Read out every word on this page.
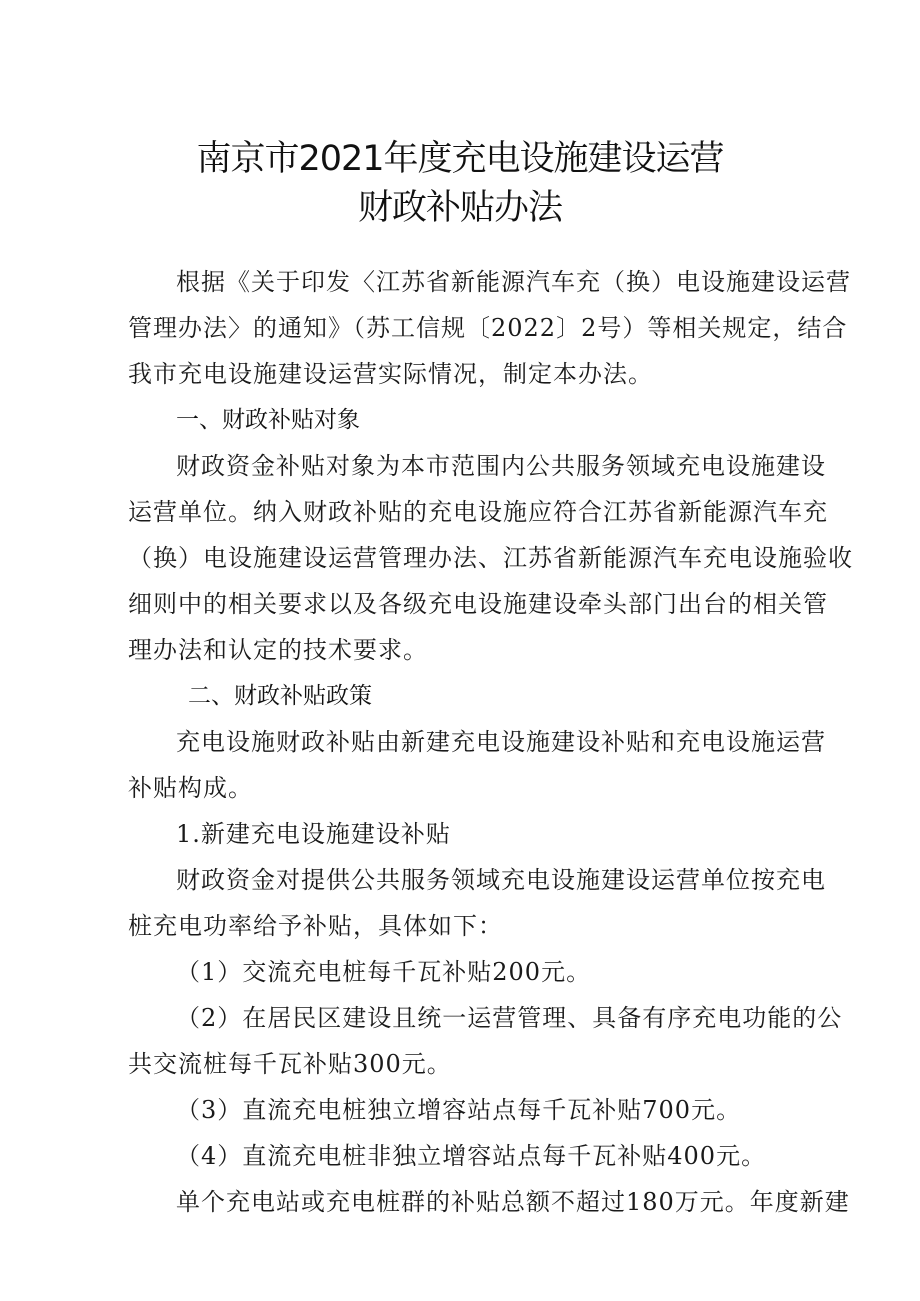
南京市2021年度充电设施建设运营
财政补贴办法
根据《关于印发〈江苏省新能源汽车充（换）电设施建设运营
管理办法〉的通知》（苏工信规〔2022〕2号）等相关规定，结合
我市充电设施建设运营实际情况，制定本办法。
一、财政补贴对象
财政资金补贴对象为本市范围内公共服务领域充电设施建设
运营单位。纳入财政补贴的充电设施应符合江苏省新能源汽车充
（换）电设施建设运营管理办法、江苏省新能源汽车充电设施验收
细则中的相关要求以及各级充电设施建设牵头部门出台的相关管
理办法和认定的技术要求。
二、财政补贴政策
充电设施财政补贴由新建充电设施建设补贴和充电设施运营
补贴构成。
1.新建充电设施建设补贴
财政资金对提供公共服务领域充电设施建设运营单位按充电
桩充电功率给予补贴，具体如下：
（1）交流充电桩每千瓦补贴200元。
（2）在居民区建设且统一运营管理、具备有序充电功能的公
共交流桩每千瓦补贴300元。
（3）直流充电桩独立增容站点每千瓦补贴700元。
（4）直流充电桩非独立增容站点每千瓦补贴400元。
单个充电站或充电桩群的补贴总额不超过180万元。年度新建
